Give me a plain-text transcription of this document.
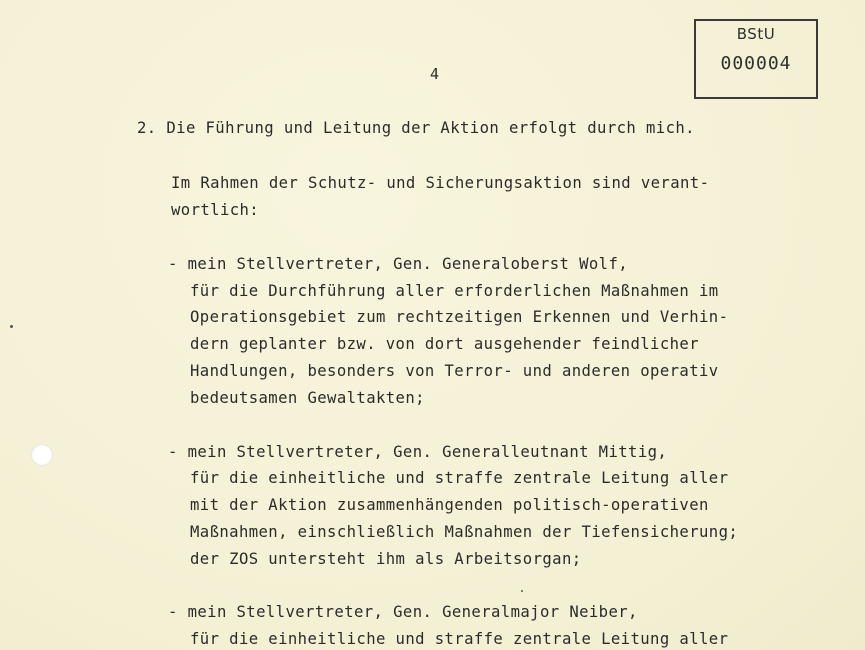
BStU
000004
4
2. Die Führung und Leitung der Aktion erfolgt durch mich.
Im Rahmen der Schutz- und Sicherungsaktion sind verant-
wortlich:
- mein Stellvertreter, Gen. Generaloberst Wolf,
für die Durchführung aller erforderlichen Maßnahmen im
Operationsgebiet zum rechtzeitigen Erkennen und Verhin-
dern geplanter bzw. von dort ausgehender feindlicher
Handlungen, besonders von Terror- und anderen operativ
bedeutsamen Gewaltakten;
- mein Stellvertreter, Gen. Generalleutnant Mittig,
für die einheitliche und straffe zentrale Leitung aller
mit der Aktion zusammenhängenden politisch-operativen
Maßnahmen, einschließlich Maßnahmen der Tiefensicherung;
der ZOS untersteht ihm als Arbeitsorgan;
- mein Stellvertreter, Gen. Generalmajor Neiber,
für die einheitliche und straffe zentrale Leitung aller
